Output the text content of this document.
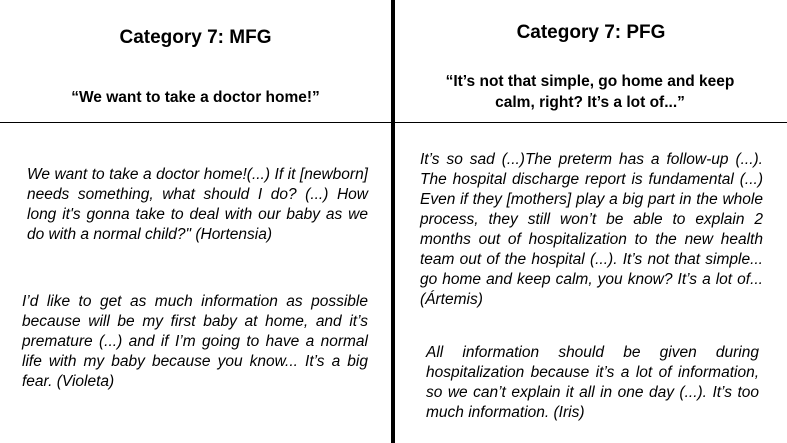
Category 7: MFG
“We want to take a doctor home!”
We want to take a doctor home!(...) If it [newborn] needs something, what should I do? (...) How long it's gonna take to deal with our baby as we do with a normal child?" (Hortensia)
I’d like to get as much information as possible because will be my first baby at home, and it’s premature (...) and if I’m going to have a normal life with my baby because you know... It’s a big fear. (Violeta)
Category 7: PFG
“It’s not that simple, go home and keep calm, right? It’s a lot of...”
It’s so sad (...)The preterm has a follow-up (...). The hospital discharge report is fundamental (...) Even if they [mothers] play a big part in the whole process, they still won’t be able to explain 2 months out of hospitalization to the new health team out of the hospital (...). It’s not that simple... go home and keep calm, you know? It’s a lot of...(Ártemis)
All information should be given during hospitalization because it’s a lot of information, so we can’t explain it all in one day (...). It’s too much information. (Iris)
